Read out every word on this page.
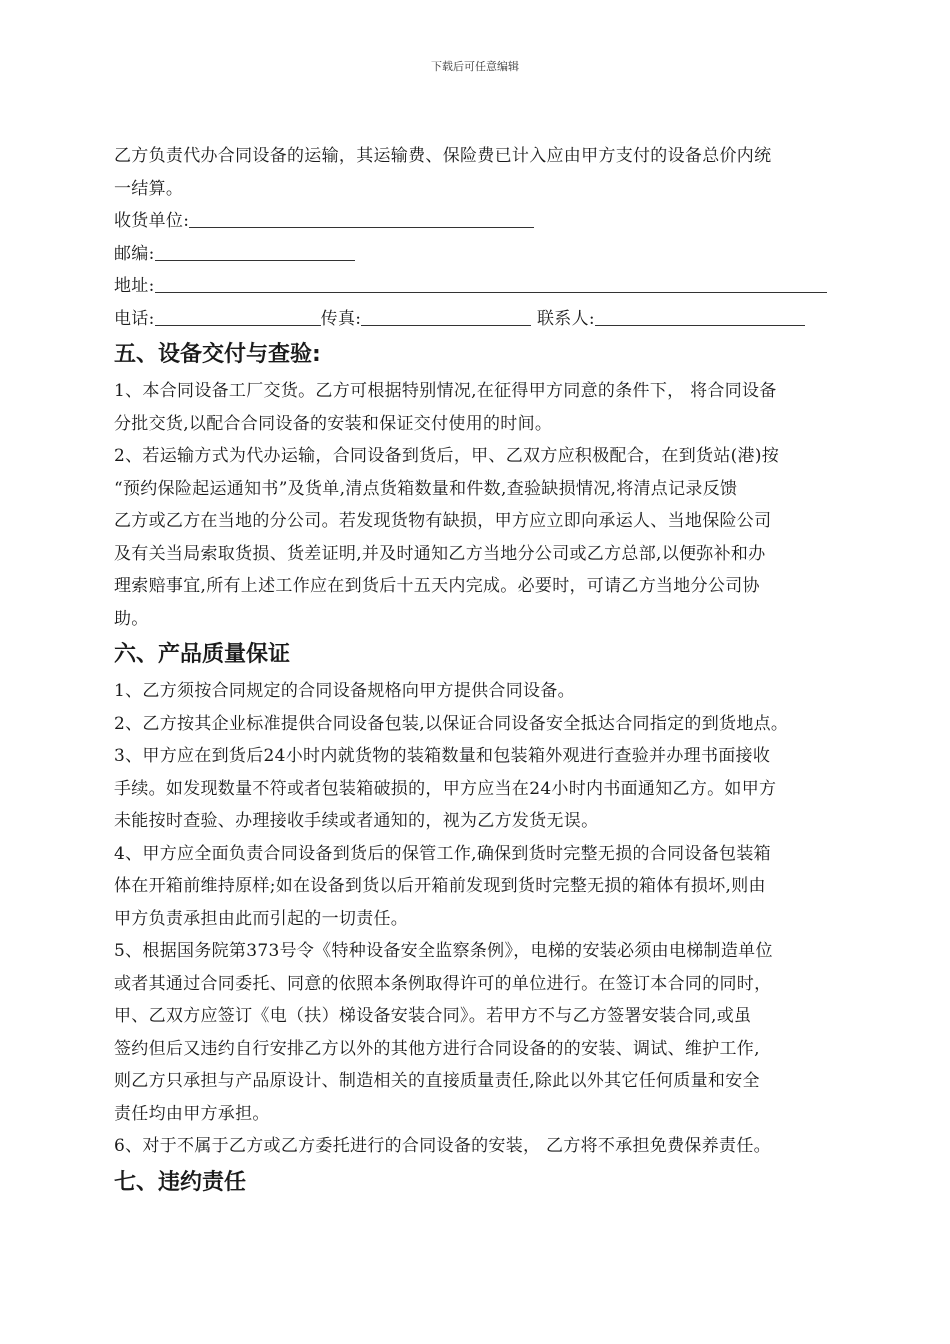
下载后可任意编辑

乙方负责代办合同设备的运输，其运输费、保险费已计入应由甲方支付的设备总价内统

一结算。

收货单位:

邮编:

地址:

电话:	传真:	联系人:

五、设备交付与查验:

1、本合同设备工厂交货。乙方可根据特别情况,在征得甲方同意的条件下， 将合同设备

分批交货,以配合合同设备的安装和保证交付使用的时间。

2、若运输方式为代办运输，合同设备到货后，甲、乙双方应积极配合，在到货站(港)按

“预约保险起运通知书”及货单,清点货箱数量和件数,查验缺损情况,将清点记录反馈

乙方或乙方在当地的分公司。若发现货物有缺损，甲方应立即向承运人、当地保险公司

及有关当局索取货损、货差证明,并及时通知乙方当地分公司或乙方总部,以便弥补和办

理索赔事宜,所有上述工作应在到货后十五天内完成。必要时，可请乙方当地分公司协

助。

六、产品质量保证

1、乙方须按合同规定的合同设备规格向甲方提供合同设备。

2、乙方按其企业标准提供合同设备包装,以保证合同设备安全抵达合同指定的到货地点。

3、甲方应在到货后24小时内就货物的装箱数量和包装箱外观进行查验并办理书面接收

手续。如发现数量不符或者包装箱破损的，甲方应当在24小时内书面通知乙方。如甲方

未能按时查验、办理接收手续或者通知的，视为乙方发货无误。

4、甲方应全面负责合同设备到货后的保管工作,确保到货时完整无损的合同设备包装箱

体在开箱前维持原样;如在设备到货以后开箱前发现到货时完整无损的箱体有损坏,则由

甲方负责承担由此而引起的一切责任。

5、根据国务院第373号令《特种设备安全监察条例》，电梯的安装必须由电梯制造单位

或者其通过合同委托、同意的依照本条例取得许可的单位进行。在签订本合同的同时，

甲、乙双方应签订《电（扶）梯设备安装合同》。若甲方不与乙方签署安装合同,或虽

签约但后又违约自行安排乙方以外的其他方进行合同设备的的安装、调试、维护工作,

则乙方只承担与产品原设计、制造相关的直接质量责任,除此以外其它任何质量和安全

责任均由甲方承担。

6、对于不属于乙方或乙方委托进行的合同设备的安装， 乙方将不承担免费保养责任。

七、违约责任
